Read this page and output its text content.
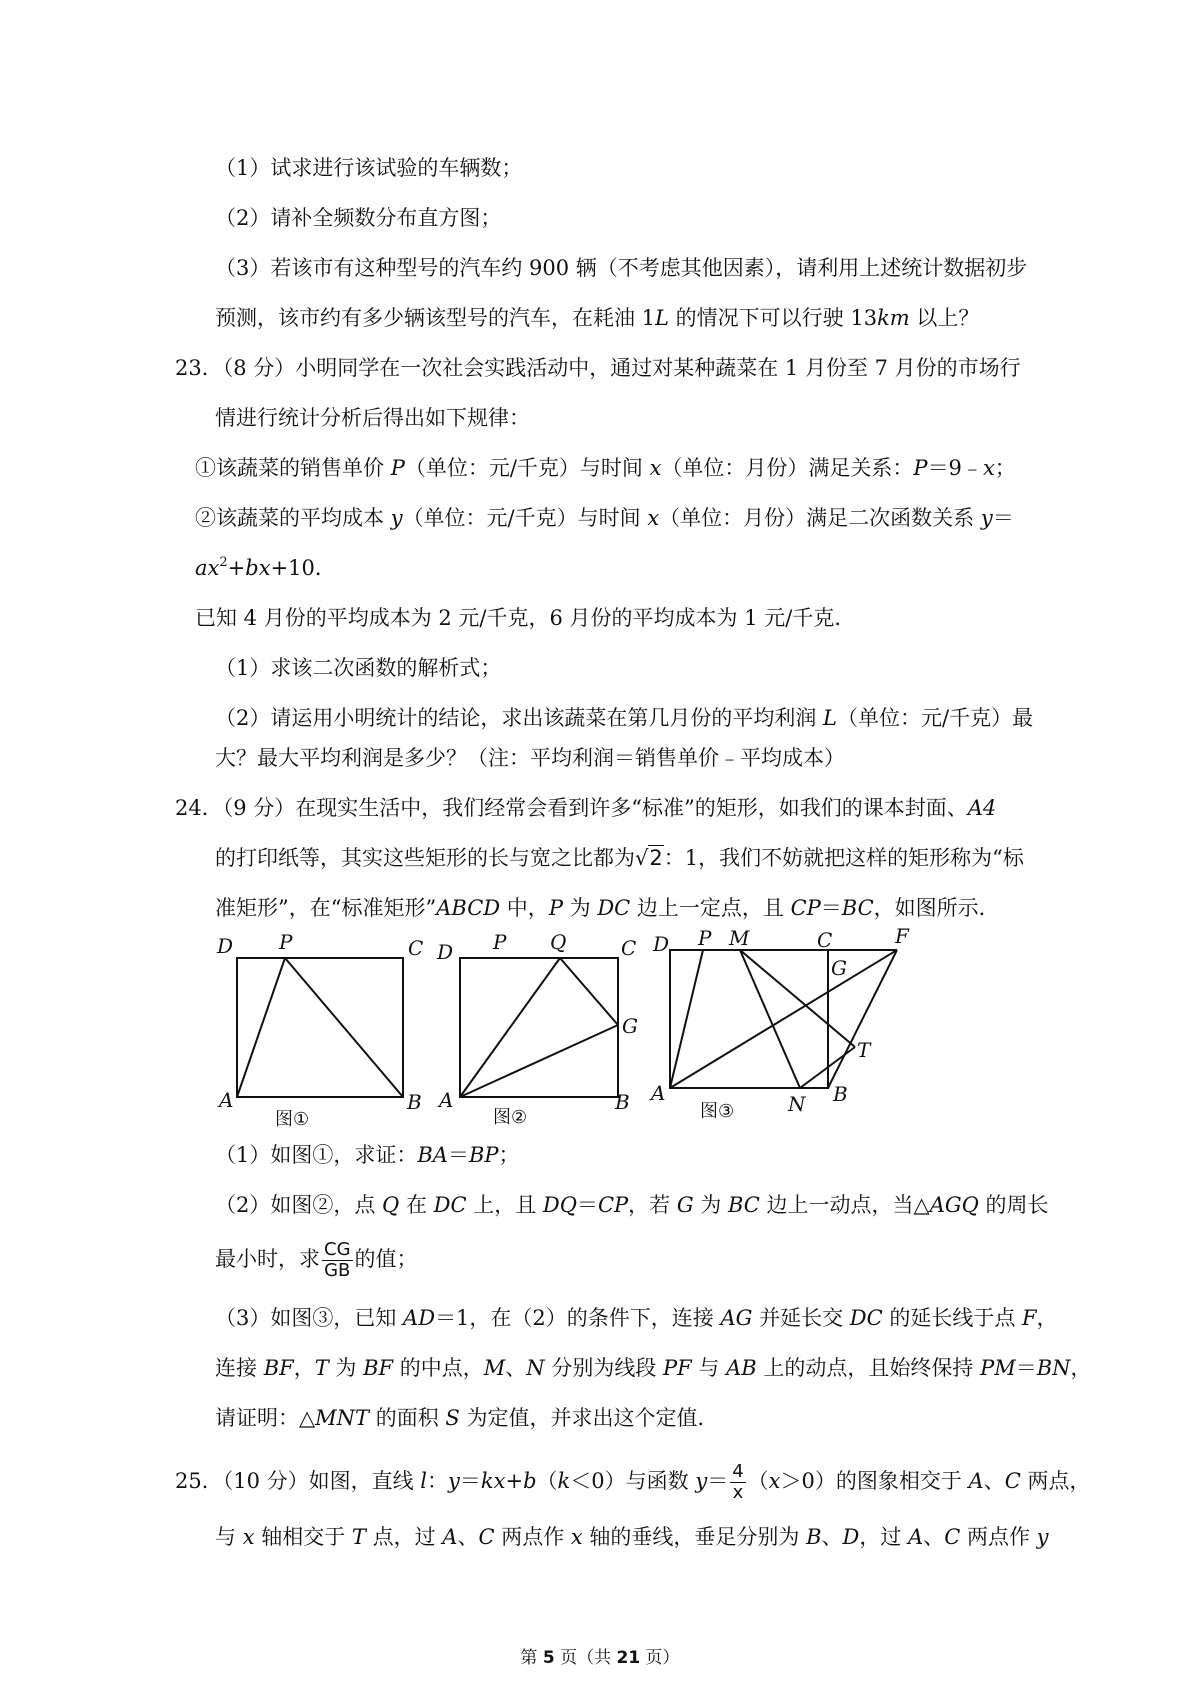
（1）试求进行该试验的车辆数；
（2）请补全频数分布直方图；
（3）若该市有这种型号的汽车约 900 辆（不考虑其他因素），请利用上述统计数据初步
预测，该市约有多少辆该型号的汽车，在耗油 1L 的情况下可以行驶 13km 以上？
23．（8 分）小明同学在一次社会实践活动中，通过对某种蔬菜在 1 月份至 7 月份的市场行
情进行统计分析后得出如下规律：
①该蔬菜的销售单价 P（单位：元/千克）与时间 x（单位：月份）满足关系：P＝9﹣x；
②该蔬菜的平均成本 y（单位：元/千克）与时间 x（单位：月份）满足二次函数关系 y＝
$ax^2+bx+10$．
已知 4 月份的平均成本为 2 元/千克，6 月份的平均成本为 1 元/千克．
（1）求该二次函数的解析式；
（2）请运用小明统计的结论，求出该蔬菜在第几月份的平均利润 L（单位：元/千克）最
大？最大平均利润是多少？（注：平均利润＝销售单价﹣平均成本）
24．（9 分）在现实生活中，我们经常会看到许多“标准”的矩形，如我们的课本封面、A4
的打印纸等，其实这些矩形的长与宽之比都为√2：1，我们不妨就把这样的矩形称为“标
准矩形”，在“标准矩形”ABCD 中，P 为 DC 边上一定点，且 CP＝BC，如图所示．
D P	C
A	B
图①
D P Q	C
G
A	B
图②
D P M	C	F
G
T
A	N B
图③
（1）如图①，求证：BA＝BP；
（2）如图②，点 Q 在 DC 上，且 DQ＝CP，若 G 为 BC 边上一动点，当△AGQ 的周长
最小时，求 $\frac{CG}{GB}$ 的值；
（3）如图③，已知 AD＝1，在（2）的条件下，连接 AG 并延长交 DC 的延长线于点 F，
连接 BF，T 为 BF 的中点，M、N 分别为线段 PF 与 AB 上的动点，且始终保持 PM＝BN，
请证明：△MNT 的面积 S 为定值，并求出这个定值．
25．（10 分）如图，直线 l：y＝kx+b（k＜0）与函数 $y= \frac{4}{x} (x>0)$的图象相交于 A、C 两点，
与 x 轴相交于 T 点，过 A、C 两点作 x 轴的垂线，垂足分别为 B、D，过 A、C 两点作 y
第 5 页（共 21 页）
